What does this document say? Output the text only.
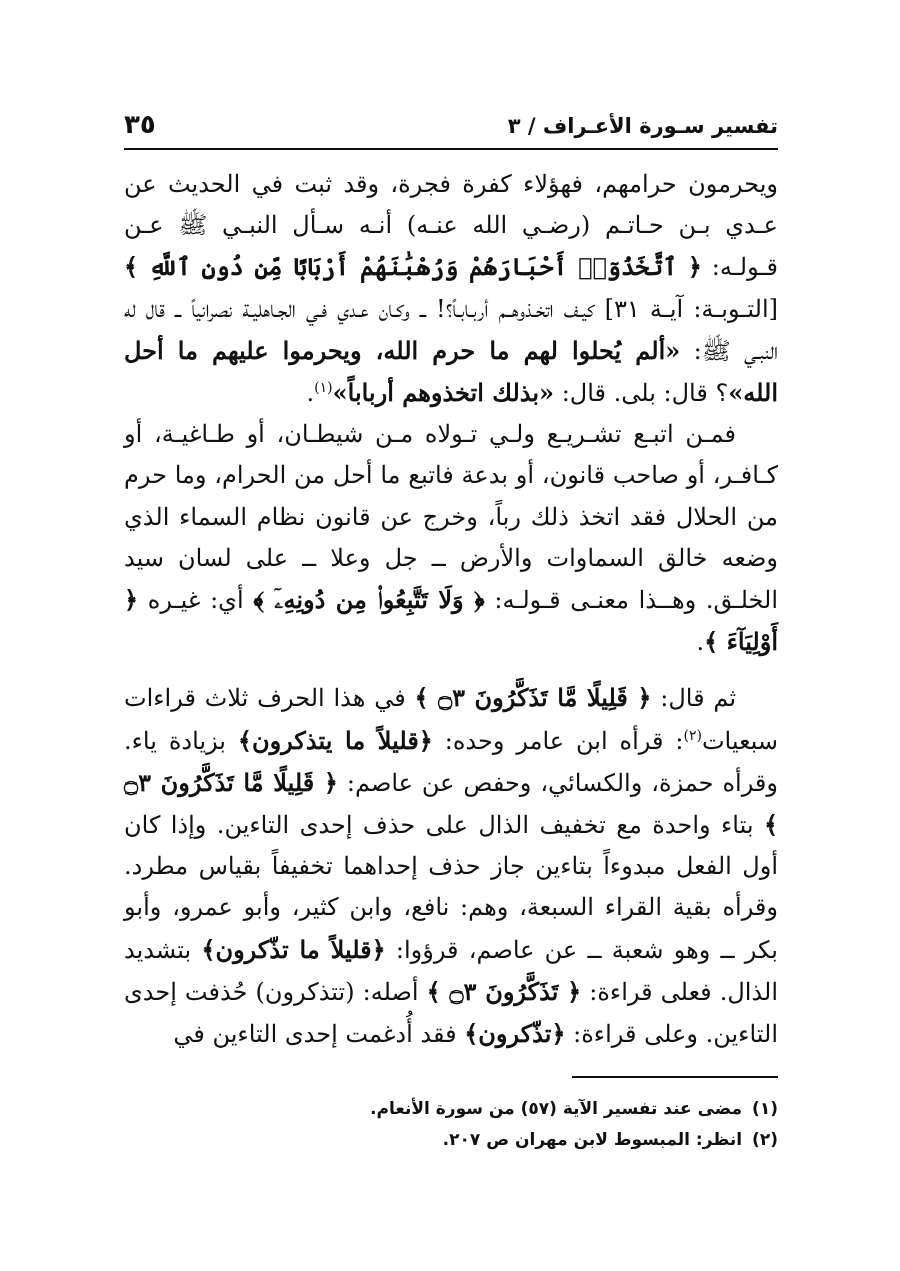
تفسير سـورة الأعـراف / ٣
٣٥

ويحرمون حرامهم، فهؤلاء كفرة فجرة، وقد ثبت في الحديث عن عـدي بـن حـاتـم (رضـي الله عنـه) أنـه سـأل النبـي ﷺ عـن قـولـه: ﴿ ٱتَّخَذُوٓا۟ أَحْبَارَهُمْ وَرُهْبَٰنَهُمْ أَرْبَابًا مِّن دُونِ ٱللَّهِ ﴾ [التـوبـة: آيـة ٣١] كيـف اتخـذوهــم أربـابـاً؟! ــ وكـان عـدي فـي الجـاهليـة نصرانياً ــ قال له النبـي ﷺ: «ألم يُحلوا لهم ما حرم الله، ويحرموا عليهم ما أحل الله»؟ قال: بلى. قال: «بذلك اتخذوهم أرباباً»$^{(١)}$.

فمـن اتبـع تشـريـع ولـي تـولاه مـن شيطـان، أو طـاغيـة، أو كـافـر، أو صاحب قانون، أو بدعة فاتبع ما أحل من الحرام، وما حرم من الحلال فقد اتخذ ذلك رباً، وخرج عن قانون نظام السماء الذي وضعه خالق السماوات والأرض ــ جل وعلا ــ على لسان سيد الخلـق. وهــذا معنـى قـولـه: ﴿ وَلَا تَتَّبِعُوا۟ مِن دُونِهِۦٓ ﴾ أي: غيـره ﴿ أَوْلِيَآءَ ﴾.

ثم قال: ﴿ قَلِيلًا مَّا تَذَكَّرُونَ ۝٣ ﴾ في هذا الحرف ثلاث قراءات سبعيات$^{(٢)}$: قرأه ابن عامر وحده: ﴿قليلاً ما يتذكرون﴾ بزيادة ياء. وقرأه حمزة، والكسائي، وحفص عن عاصم: ﴿ قَلِيلًا مَّا تَذَكَّرُونَ ۝٣ ﴾ بتاء واحدة مع تخفيف الذال على حذف إحدى التاءين. وإذا كان أول الفعل مبدوءاً بتاءين جاز حذف إحداهما تخفيفاً بقياس مطرد. وقرأه بقية القراء السبعة، وهم: نافع، وابن كثير، وأبو عمرو، وأبو بكر ــ وهو شعبة ــ عن عاصم، قرؤوا: ﴿قليلاً ما تذّكرون﴾ بتشديد الذال. فعلى قراءة: ﴿ تَذَكَّرُونَ ۝٣ ﴾ أصله: (تتذكرون) حُذفت إحدى التاءين. وعلى قراءة: ﴿تذّكرون﴾ فقد أُدغمت إحدى التاءين في

(١)مضى عند تفسير الآية (٥٧) من سورة الأنعام.
(٢)انظر: المبسوط لابن مهران ص ٢٠٧.
